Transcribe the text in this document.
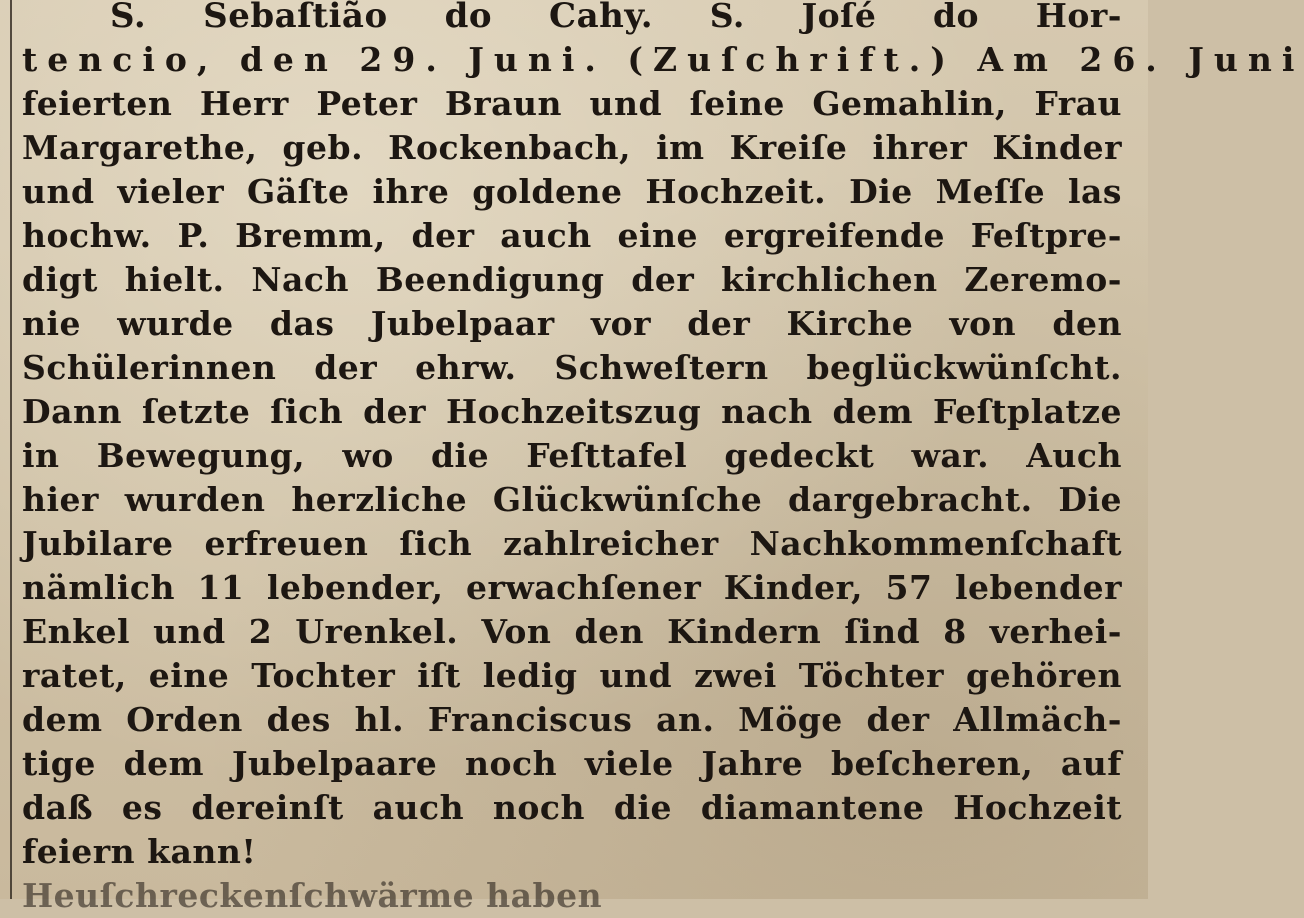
S. Sebaſtião do Cahy. S. Joſé do Hor-
tencio, den 29. Juni. (Zuſchrift.) Am 26. Juni
feierten Herr Peter Braun und ſeine Gemahlin, Frau
Margarethe, geb. Rockenbach, im Kreiſe ihrer Kinder
und vieler Gäſte ihre goldene Hochzeit. Die Meſſe las
hochw. P. Bremm, der auch eine ergreifende Feſtpre-
digt hielt. Nach Beendigung der kirchlichen Zeremo-
nie wurde das Jubelpaar vor der Kirche von den
Schülerinnen der ehrw. Schweſtern beglückwünſcht.
Dann ſetzte ſich der Hochzeitszug nach dem Feſtplatze
in Bewegung, wo die Feſttafel gedeckt war. Auch
hier wurden herzliche Glückwünſche dargebracht. Die
Jubilare erfreuen ſich zahlreicher Nachkommenſchaft
nämlich 11 lebender, erwachſener Kinder, 57 lebender
Enkel und 2 Urenkel. Von den Kindern ſind 8 verhei-
ratet, eine Tochter iſt ledig und zwei Töchter gehören
dem Orden des hl. Franciscus an. Möge der Allmäch-
tige dem Jubelpaare noch viele Jahre beſcheren, auf
daß es dereinſt auch noch die diamantene Hochzeit
feiern kann!
Heuſchreckenſchwärme haben
